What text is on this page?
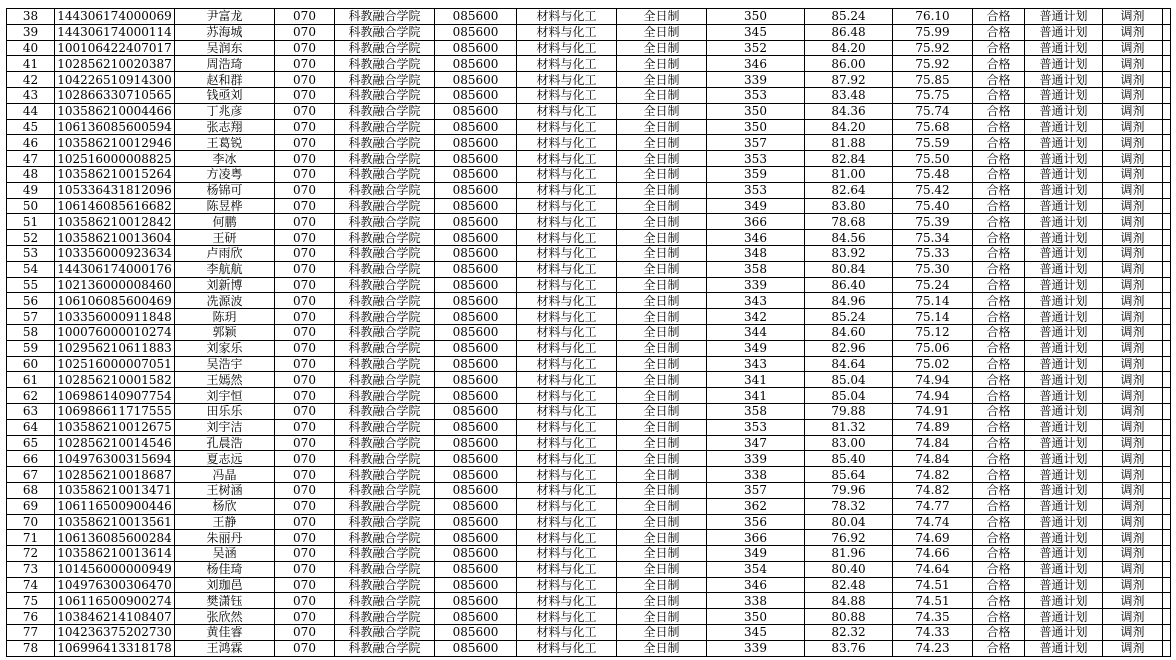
38	144306174000069	尹富龙	070	科教融合学院	085600	材料与化工	全日制	350	85.24	76.10	合格	普通计划	调剂	
39	144306174000114	苏海城	070	科教融合学院	085600	材料与化工	全日制	345	86.48	75.99	合格	普通计划	调剂	
40	100106422407017	吴润东	070	科教融合学院	085600	材料与化工	全日制	352	84.20	75.92	合格	普通计划	调剂	
41	102856210020387	周浩琦	070	科教融合学院	085600	材料与化工	全日制	346	86.00	75.92	合格	普通计划	调剂	
42	104226510914300	赵和群	070	科教融合学院	085600	材料与化工	全日制	339	87.92	75.85	合格	普通计划	调剂	
43	102866330710565	钱亟刘	070	科教融合学院	085600	材料与化工	全日制	353	83.48	75.75	合格	普通计划	调剂	
44	103586210004466	丁兆彦	070	科教融合学院	085600	材料与化工	全日制	350	84.36	75.74	合格	普通计划	调剂	
45	106136085600594	张志翔	070	科教融合学院	085600	材料与化工	全日制	350	84.20	75.68	合格	普通计划	调剂	
46	103586210012946	王葛锐	070	科教融合学院	085600	材料与化工	全日制	357	81.88	75.59	合格	普通计划	调剂	
47	102516000008825	李冰	070	科教融合学院	085600	材料与化工	全日制	353	82.84	75.50	合格	普通计划	调剂	
48	103586210015264	方凌粤	070	科教融合学院	085600	材料与化工	全日制	359	81.00	75.48	合格	普通计划	调剂	
49	105336431812096	杨锦可	070	科教融合学院	085600	材料与化工	全日制	353	82.64	75.42	合格	普通计划	调剂	
50	106146085616682	陈昱桦	070	科教融合学院	085600	材料与化工	全日制	349	83.80	75.40	合格	普通计划	调剂	
51	103586210012842	何鹏	070	科教融合学院	085600	材料与化工	全日制	366	78.68	75.39	合格	普通计划	调剂	
52	103586210013604	王研	070	科教融合学院	085600	材料与化工	全日制	346	84.56	75.34	合格	普通计划	调剂	
53	103356000923634	卢雨欣	070	科教融合学院	085600	材料与化工	全日制	348	83.92	75.33	合格	普通计划	调剂	
54	144306174000176	李航航	070	科教融合学院	085600	材料与化工	全日制	358	80.84	75.30	合格	普通计划	调剂	
55	102136000008460	刘新博	070	科教融合学院	085600	材料与化工	全日制	339	86.40	75.24	合格	普通计划	调剂	
56	106106085600469	冼源波	070	科教融合学院	085600	材料与化工	全日制	343	84.96	75.14	合格	普通计划	调剂	
57	103356000911848	陈玥	070	科教融合学院	085600	材料与化工	全日制	342	85.24	75.14	合格	普通计划	调剂	
58	100076000010274	郭颖	070	科教融合学院	085600	材料与化工	全日制	344	84.60	75.12	合格	普通计划	调剂	
59	102956210611883	刘家乐	070	科教融合学院	085600	材料与化工	全日制	349	82.96	75.06	合格	普通计划	调剂	
60	102516000007051	吴浩宇	070	科教融合学院	085600	材料与化工	全日制	343	84.64	75.02	合格	普通计划	调剂	
61	102856210001582	王嫣然	070	科教融合学院	085600	材料与化工	全日制	341	85.04	74.94	合格	普通计划	调剂	
62	106986140907754	刘宇恒	070	科教融合学院	085600	材料与化工	全日制	341	85.04	74.94	合格	普通计划	调剂	
63	106986611717555	田乐乐	070	科教融合学院	085600	材料与化工	全日制	358	79.88	74.91	合格	普通计划	调剂	
64	103586210012675	刘宇洁	070	科教融合学院	085600	材料与化工	全日制	353	81.32	74.89	合格	普通计划	调剂	
65	102856210014546	孔晨浩	070	科教融合学院	085600	材料与化工	全日制	347	83.00	74.84	合格	普通计划	调剂	
66	104976300315694	夏志远	070	科教融合学院	085600	材料与化工	全日制	339	85.40	74.84	合格	普通计划	调剂	
67	102856210018687	冯晶	070	科教融合学院	085600	材料与化工	全日制	338	85.64	74.82	合格	普通计划	调剂	
68	103586210013471	王树涵	070	科教融合学院	085600	材料与化工	全日制	357	79.96	74.82	合格	普通计划	调剂	
69	106116500900446	杨欣	070	科教融合学院	085600	材料与化工	全日制	362	78.32	74.77	合格	普通计划	调剂	
70	103586210013561	王静	070	科教融合学院	085600	材料与化工	全日制	356	80.04	74.74	合格	普通计划	调剂	
71	106136085600284	朱丽丹	070	科教融合学院	085600	材料与化工	全日制	366	76.92	74.69	合格	普通计划	调剂	
72	103586210013614	吴涵	070	科教融合学院	085600	材料与化工	全日制	349	81.96	74.66	合格	普通计划	调剂	
73	101456000000949	杨佳琦	070	科教融合学院	085600	材料与化工	全日制	354	80.40	74.64	合格	普通计划	调剂	
74	104976300306470	刘珈邑	070	科教融合学院	085600	材料与化工	全日制	346	82.48	74.51	合格	普通计划	调剂	
75	106116500900274	樊潇钰	070	科教融合学院	085600	材料与化工	全日制	338	84.88	74.51	合格	普通计划	调剂	
76	103846214108407	张欣然	070	科教融合学院	085600	材料与化工	全日制	350	80.88	74.35	合格	普通计划	调剂	
77	104236375202730	黄佳睿	070	科教融合学院	085600	材料与化工	全日制	345	82.32	74.33	合格	普通计划	调剂	
78	106996413318178	王鸿霖	070	科教融合学院	085600	材料与化工	全日制	339	83.76	74.23	合格	普通计划	调剂	
